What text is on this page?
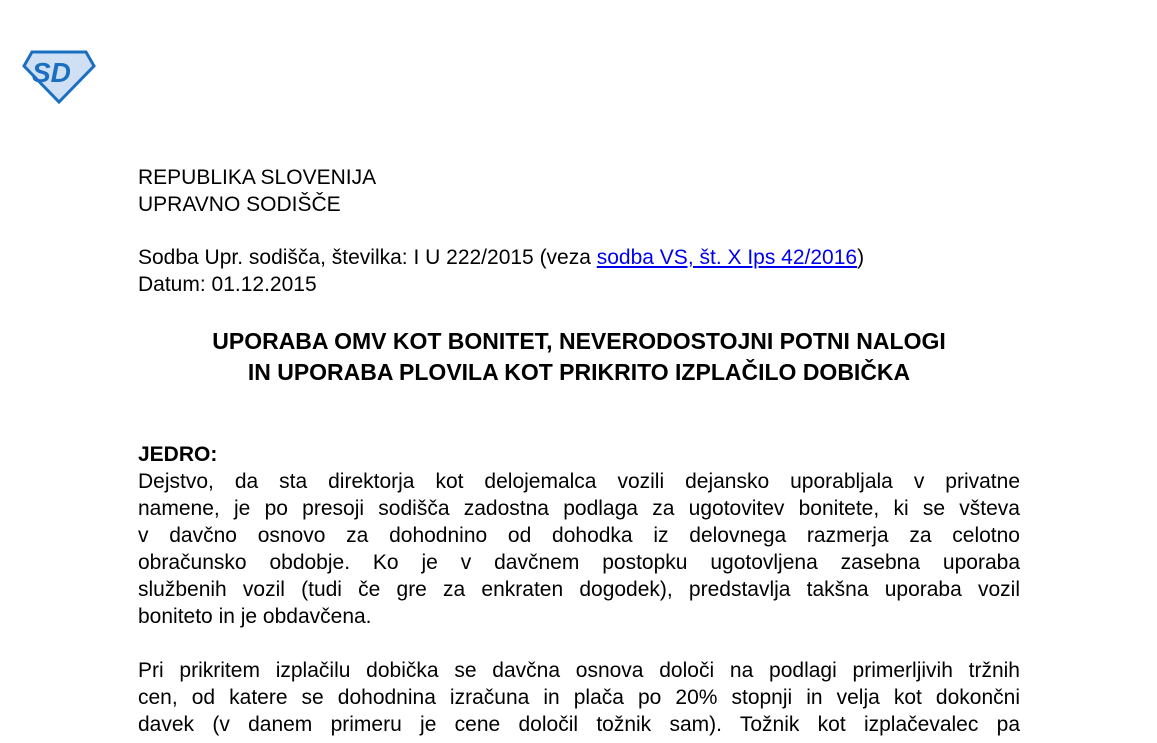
SD
REPUBLIKA SLOVENIJA
UPRAVNO SODIŠČE
Sodba Upr. sodišča, številka: I U 222/2015 (veza sodba VS, št. X Ips 42/2016)
Datum: 01.12.2015
UPORABA OMV KOT BONITET, NEVERODOSTOJNI POTNI NALOGI
IN UPORABA PLOVILA KOT PRIKRITO IZPLAČILO DOBIČKA
JEDRO:
Dejstvo, da sta direktorja kot delojemalca vozili dejansko uporabljala v privatne
namene, je po presoji sodišča zadostna podlaga za ugotovitev bonitete, ki se všteva
v davčno osnovo za dohodnino od dohodka iz delovnega razmerja za celotno
obračunsko obdobje. Ko je v davčnem postopku ugotovljena zasebna uporaba
službenih vozil (tudi če gre za enkraten dogodek), predstavlja takšna uporaba vozil
boniteto in je obdavčena.
Pri prikritem izplačilu dobička se davčna osnova določi na podlagi primerljivih tržnih
cen, od katere se dohodnina izračuna in plača po 20% stopnji in velja kot dokončni
davek (v danem primeru je cene določil tožnik sam). Tožnik kot izplačevalec pa
